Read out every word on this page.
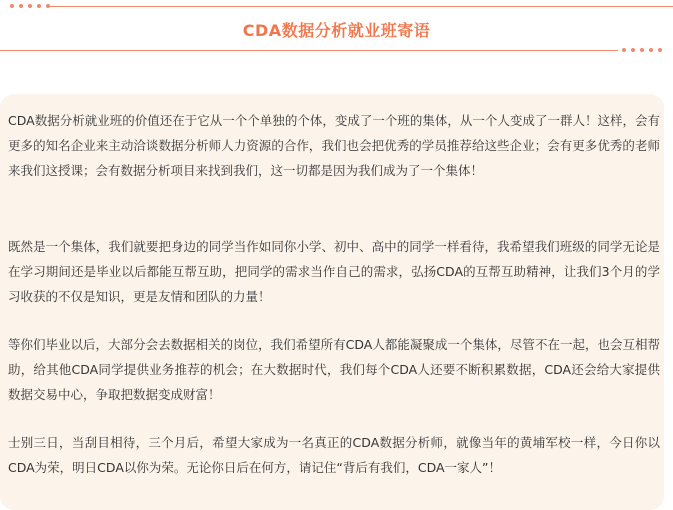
CDA数据分析就业班寄语

CDA数据分析就业班的价值还在于它从一个个单独的个体，变成了一个班的集体，从一个人变成了一群人！这样，会有更多的知名企业来主动洽谈数据分析师人力资源的合作，我们也会把优秀的学员推荐给这些企业；会有更多优秀的老师来我们这授课；会有数据分析项目来找到我们，这一切都是因为我们成为了一个集体！

既然是一个集体，我们就要把身边的同学当作如同你小学、初中、高中的同学一样看待，我希望我们班级的同学无论是在学习期间还是毕业以后都能互帮互助，把同学的需求当作自己的需求，弘扬CDA的互帮互助精神，让我们3个月的学习收获的不仅是知识，更是友情和团队的力量！

等你们毕业以后，大部分会去数据相关的岗位，我们希望所有CDA人都能凝聚成一个集体，尽管不在一起，也会互相帮助，给其他CDA同学提供业务推荐的机会；在大数据时代，我们每个CDA人还要不断积累数据，CDA还会给大家提供数据交易中心，争取把数据变成财富！

士别三日，当刮目相待，三个月后，希望大家成为一名真正的CDA数据分析师，就像当年的黄埔军校一样，今日你以CDA为荣，明日CDA以你为荣。无论你日后在何方，请记住“背后有我们，CDA一家人”！
